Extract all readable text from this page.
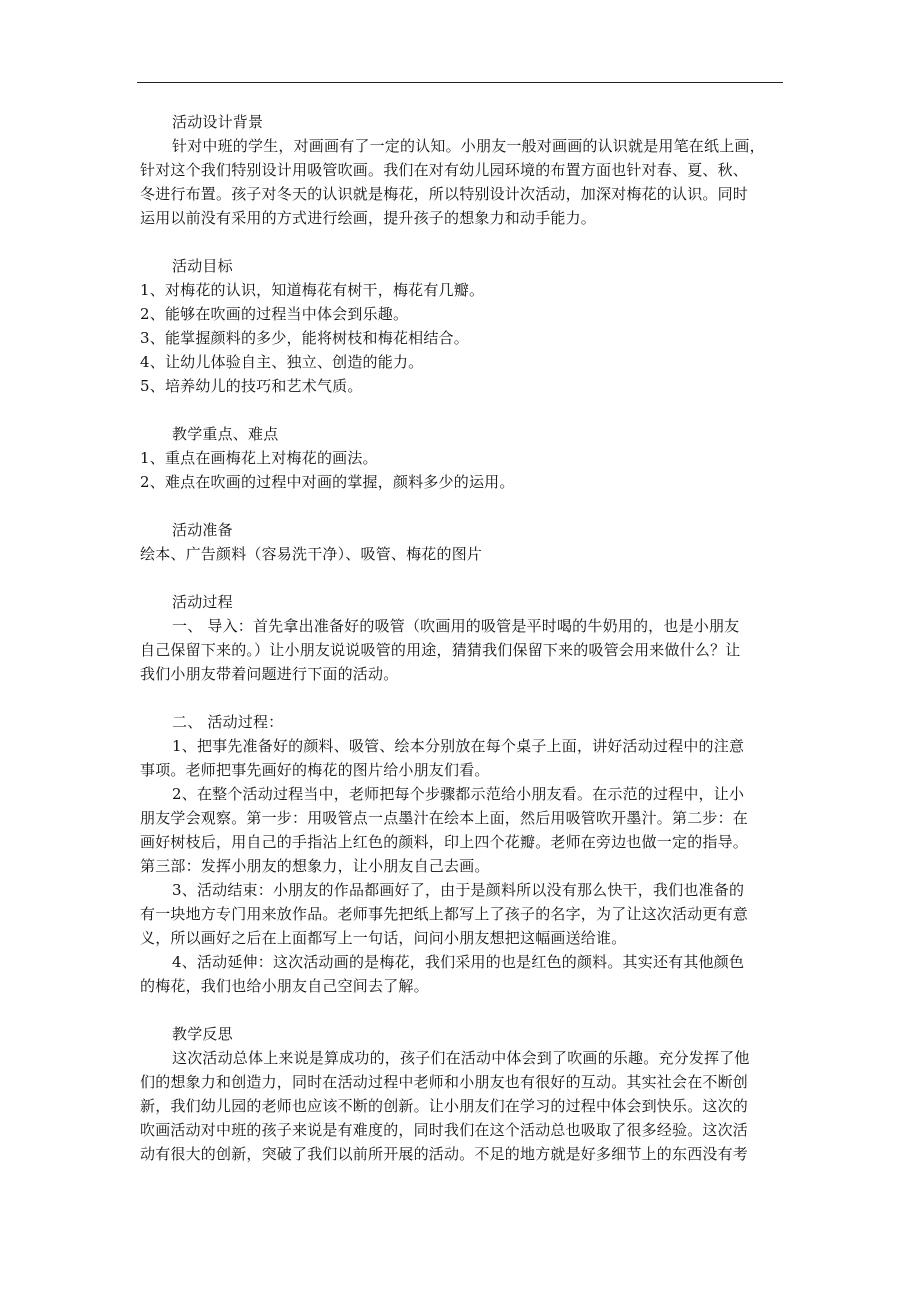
活动设计背景
针对中班的学生，对画画有了一定的认知。小朋友一般对画画的认识就是用笔在纸上画，
针对这个我们特别设计用吸管吹画。我们在对有幼儿园环境的布置方面也针对春、夏、秋、
冬进行布置。孩子对冬天的认识就是梅花，所以特别设计次活动，加深对梅花的认识。同时
运用以前没有采用的方式进行绘画，提升孩子的想象力和动手能力。
活动目标
1、对梅花的认识，知道梅花有树干，梅花有几瓣。
2、能够在吹画的过程当中体会到乐趣。
3、能掌握颜料的多少，能将树枝和梅花相结合。
4、让幼儿体验自主、独立、创造的能力。
5、培养幼儿的技巧和艺术气质。
教学重点、难点
1、重点在画梅花上对梅花的画法。
2、难点在吹画的过程中对画的掌握，颜料多少的运用。
活动准备
绘本、广告颜料（容易洗干净）、吸管、梅花的图片
活动过程
一、 导入：首先拿出准备好的吸管（吹画用的吸管是平时喝的牛奶用的，也是小朋友
自己保留下来的。）让小朋友说说吸管的用途，猜猜我们保留下来的吸管会用来做什么？让
我们小朋友带着问题进行下面的活动。
二、 活动过程：
1、把事先准备好的颜料、吸管、绘本分别放在每个桌子上面，讲好活动过程中的注意
事项。老师把事先画好的梅花的图片给小朋友们看。
2、在整个活动过程当中，老师把每个步骤都示范给小朋友看。在示范的过程中，让小
朋友学会观察。第一步：用吸管点一点墨汁在绘本上面，然后用吸管吹开墨汁。第二步：在
画好树枝后，用自己的手指沾上红色的颜料，印上四个花瓣。老师在旁边也做一定的指导。
第三部：发挥小朋友的想象力，让小朋友自己去画。
3、活动结束：小朋友的作品都画好了，由于是颜料所以没有那么快干，我们也准备的
有一块地方专门用来放作品。老师事先把纸上都写上了孩子的名字，为了让这次活动更有意
义，所以画好之后在上面都写上一句话，问问小朋友想把这幅画送给谁。
4、活动延伸：这次活动画的是梅花，我们采用的也是红色的颜料。其实还有其他颜色
的梅花，我们也给小朋友自己空间去了解。
教学反思
这次活动总体上来说是算成功的，孩子们在活动中体会到了吹画的乐趣。充分发挥了他
们的想象力和创造力，同时在活动过程中老师和小朋友也有很好的互动。其实社会在不断创
新，我们幼儿园的老师也应该不断的创新。让小朋友们在学习的过程中体会到快乐。这次的
吹画活动对中班的孩子来说是有难度的，同时我们在这个活动总也吸取了很多经验。这次活
动有很大的创新，突破了我们以前所开展的活动。不足的地方就是好多细节上的东西没有考
